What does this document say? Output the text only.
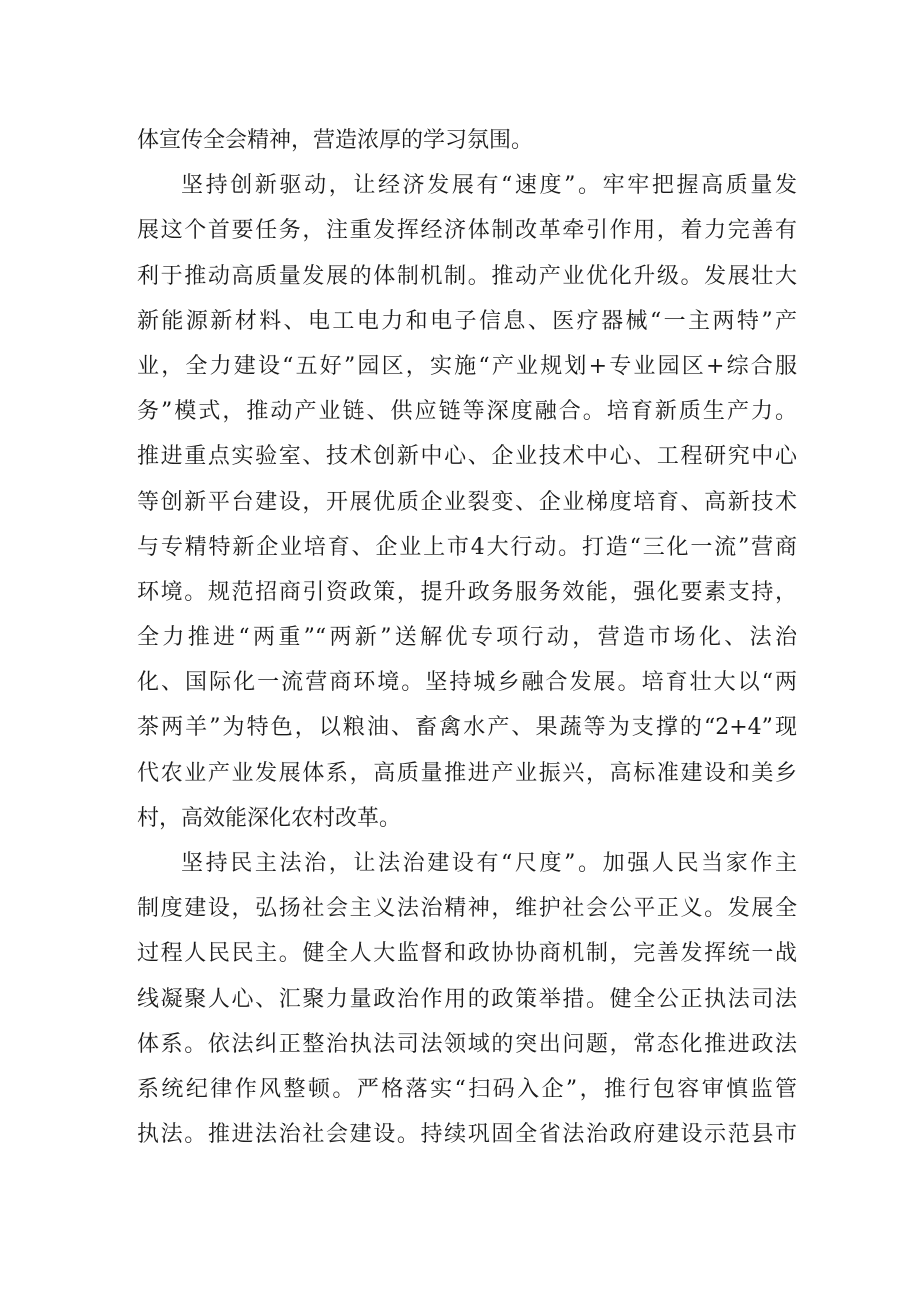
体宣传全会精神，营造浓厚的学习氛围。
坚持创新驱动，让经济发展有“速度”。牢牢把握高质量发
展这个首要任务，注重发挥经济体制改革牵引作用，着力完善有
利于推动高质量发展的体制机制。推动产业优化升级。发展壮大
新能源新材料、电工电力和电子信息、医疗器械“一主两特”产
业，全力建设“五好”园区，实施“产业规划+专业园区+综合服
务”模式，推动产业链、供应链等深度融合。培育新质生产力。
推进重点实验室、技术创新中心、企业技术中心、工程研究中心
等创新平台建设，开展优质企业裂变、企业梯度培育、高新技术
与专精特新企业培育、企业上市4大行动。打造“三化一流”营商
环境。规范招商引资政策，提升政务服务效能，强化要素支持，
全力推进“两重”“两新”送解优专项行动，营造市场化、法治
化、国际化一流营商环境。坚持城乡融合发展。培育壮大以“两
茶两羊”为特色，以粮油、畜禽水产、果蔬等为支撑的“2+4”现
代农业产业发展体系，高质量推进产业振兴，高标准建设和美乡
村，高效能深化农村改革。
坚持民主法治，让法治建设有“尺度”。加强人民当家作主
制度建设，弘扬社会主义法治精神，维护社会公平正义。发展全
过程人民民主。健全人大监督和政协协商机制，完善发挥统一战
线凝聚人心、汇聚力量政治作用的政策举措。健全公正执法司法
体系。依法纠正整治执法司法领域的突出问题，常态化推进政法
系统纪律作风整顿。严格落实“扫码入企”，推行包容审慎监管
执法。推进法治社会建设。持续巩固全省法治政府建设示范县市
